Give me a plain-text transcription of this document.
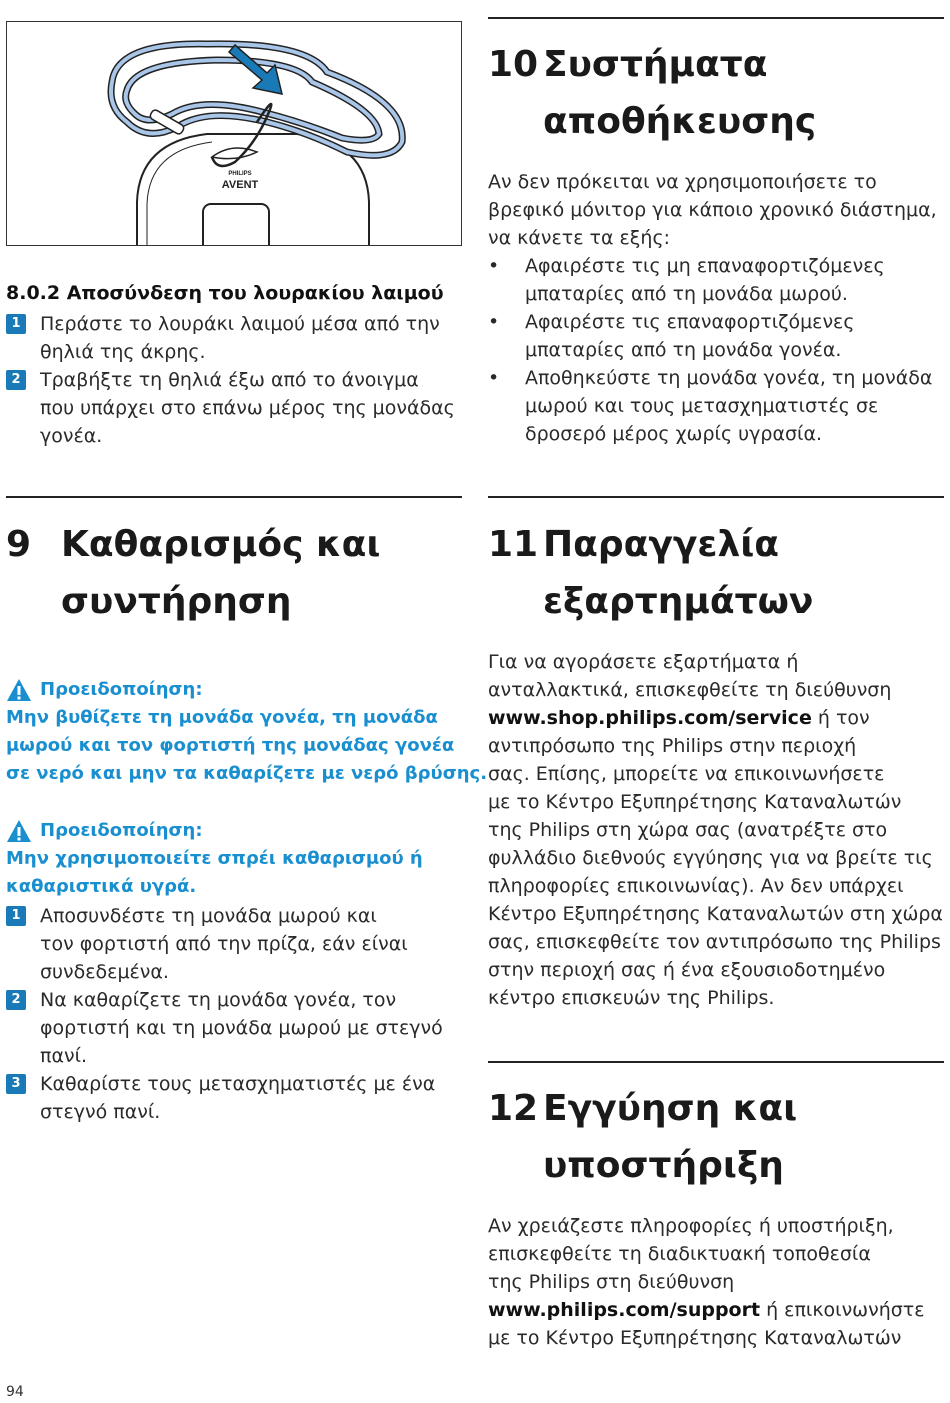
PHILIPS
AVENT
8.0.2 Αποσύνδεση του λουρακίου λαιμού
1 Περάστε το λουράκι λαιμού μέσα από την
θηλιά της άκρης.
2 Τραβήξτε τη θηλιά έξω από το άνοιγμα
που υπάρχει στο επάνω μέρος της μονάδας
γονέα.
9 Καθαρισμός και
συντήρηση
Προειδοποίηση:
Μην βυθίζετε τη μονάδα γονέα, τη μονάδα
μωρού και τον φορτιστή της μονάδας γονέα
σε νερό και μην τα καθαρίζετε με νερό βρύσης.
Προειδοποίηση:
Μην χρησιμοποιείτε σπρέι καθαρισμού ή
καθαριστικά υγρά.
1 Αποσυνδέστε τη μονάδα μωρού και
τον φορτιστή από την πρίζα, εάν είναι
συνδεδεμένα.
2 Να καθαρίζετε τη μονάδα γονέα, τον
φορτιστή και τη μονάδα μωρού με στεγνό
πανί.
3 Καθαρίστε τους μετασχηματιστές με ένα
στεγνό πανί.
10 Συστήματα
αποθήκευσης
Αν δεν πρόκειται να χρησιμοποιήσετε το
βρεφικό μόνιτορ για κάποιο χρονικό διάστημα,
να κάνετε τα εξής:
• Αφαιρέστε τις μη επαναφορτιζόμενες
μπαταρίες από τη μονάδα μωρού.
• Αφαιρέστε τις επαναφορτιζόμενες
μπαταρίες από τη μονάδα γονέα.
• Αποθηκεύστε τη μονάδα γονέα, τη μονάδα
μωρού και τους μετασχηματιστές σε
δροσερό μέρος χωρίς υγρασία.
11 Παραγγελία
εξαρτημάτων
Για να αγοράσετε εξαρτήματα ή
ανταλλακτικά, επισκεφθείτε τη διεύθυνση
www.shop.philips.com/service ή τον
αντιπρόσωπο της Philips στην περιοχή
σας. Επίσης, μπορείτε να επικοινωνήσετε
με το Κέντρο Εξυπηρέτησης Καταναλωτών
της Philips στη χώρα σας (ανατρέξτε στο
φυλλάδιο διεθνούς εγγύησης για να βρείτε τις
πληροφορίες επικοινωνίας). Αν δεν υπάρχει
Κέντρο Εξυπηρέτησης Καταναλωτών στη χώρα
σας, επισκεφθείτε τον αντιπρόσωπο της Philips
στην περιοχή σας ή ένα εξουσιοδοτημένο
κέντρο επισκευών της Philips.
12 Εγγύηση και
υποστήριξη
Αν χρειάζεστε πληροφορίες ή υποστήριξη,
επισκεφθείτε τη διαδικτυακή τοποθεσία
της Philips στη διεύθυνση
www.philips.com/support ή επικοινωνήστε
με το Κέντρο Εξυπηρέτησης Καταναλωτών
94
